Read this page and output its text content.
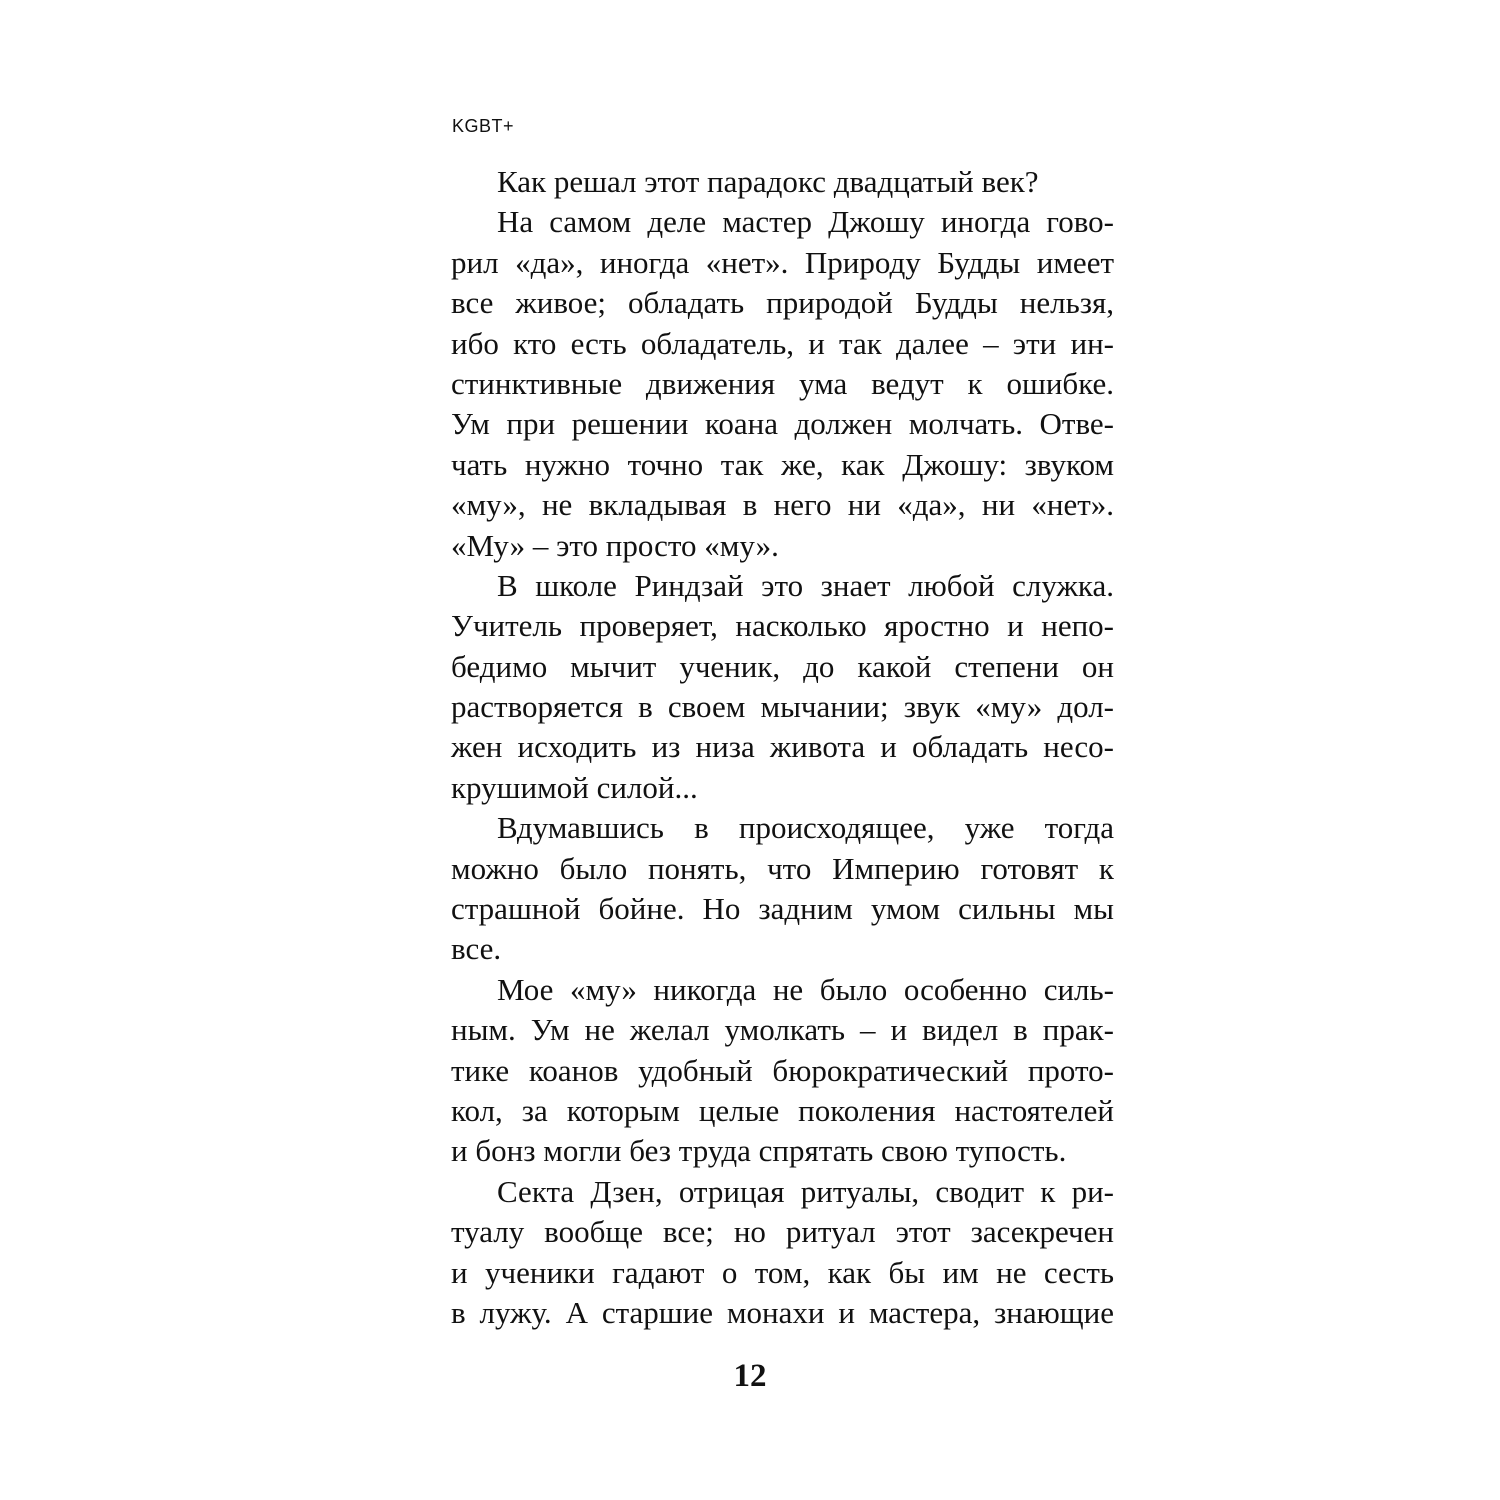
KGBT+
Как решал этот парадокс двадцатый век?
На самом деле мастер Джошу иногда гово-
рил «да», иногда «нет». Природу Будды имеет
все живое; обладать природой Будды нельзя,
ибо кто есть обладатель, и так далее – эти ин-
стинктивные движения ума ведут к ошибке.
Ум при решении коана должен молчать. Отве-
чать нужно точно так же, как Джошу: звуком
«му», не вкладывая в него ни «да», ни «нет».
«Му» – это просто «му».
В школе Риндзай это знает любой служка.
Учитель проверяет, насколько яростно и непо-
бедимо мычит ученик, до какой степени он
растворяется в своем мычании; звук «му» дол-
жен исходить из низа живота и обладать несо-
крушимой силой...
Вдумавшись в происходящее, уже тогда
можно было понять, что Империю готовят к
страшной бойне. Но задним умом сильны мы
все.
Мое «му» никогда не было особенно силь-
ным. Ум не желал умолкать – и видел в прак-
тике коанов удобный бюрократический прото-
кол, за которым целые поколения настоятелей
и бонз могли без труда спрятать свою тупость.
Секта Дзен, отрицая ритуалы, сводит к ри-
туалу вообще все; но ритуал этот засекречен
и ученики гадают о том, как бы им не сесть
в лужу. А старшие монахи и мастера, знающие
12
